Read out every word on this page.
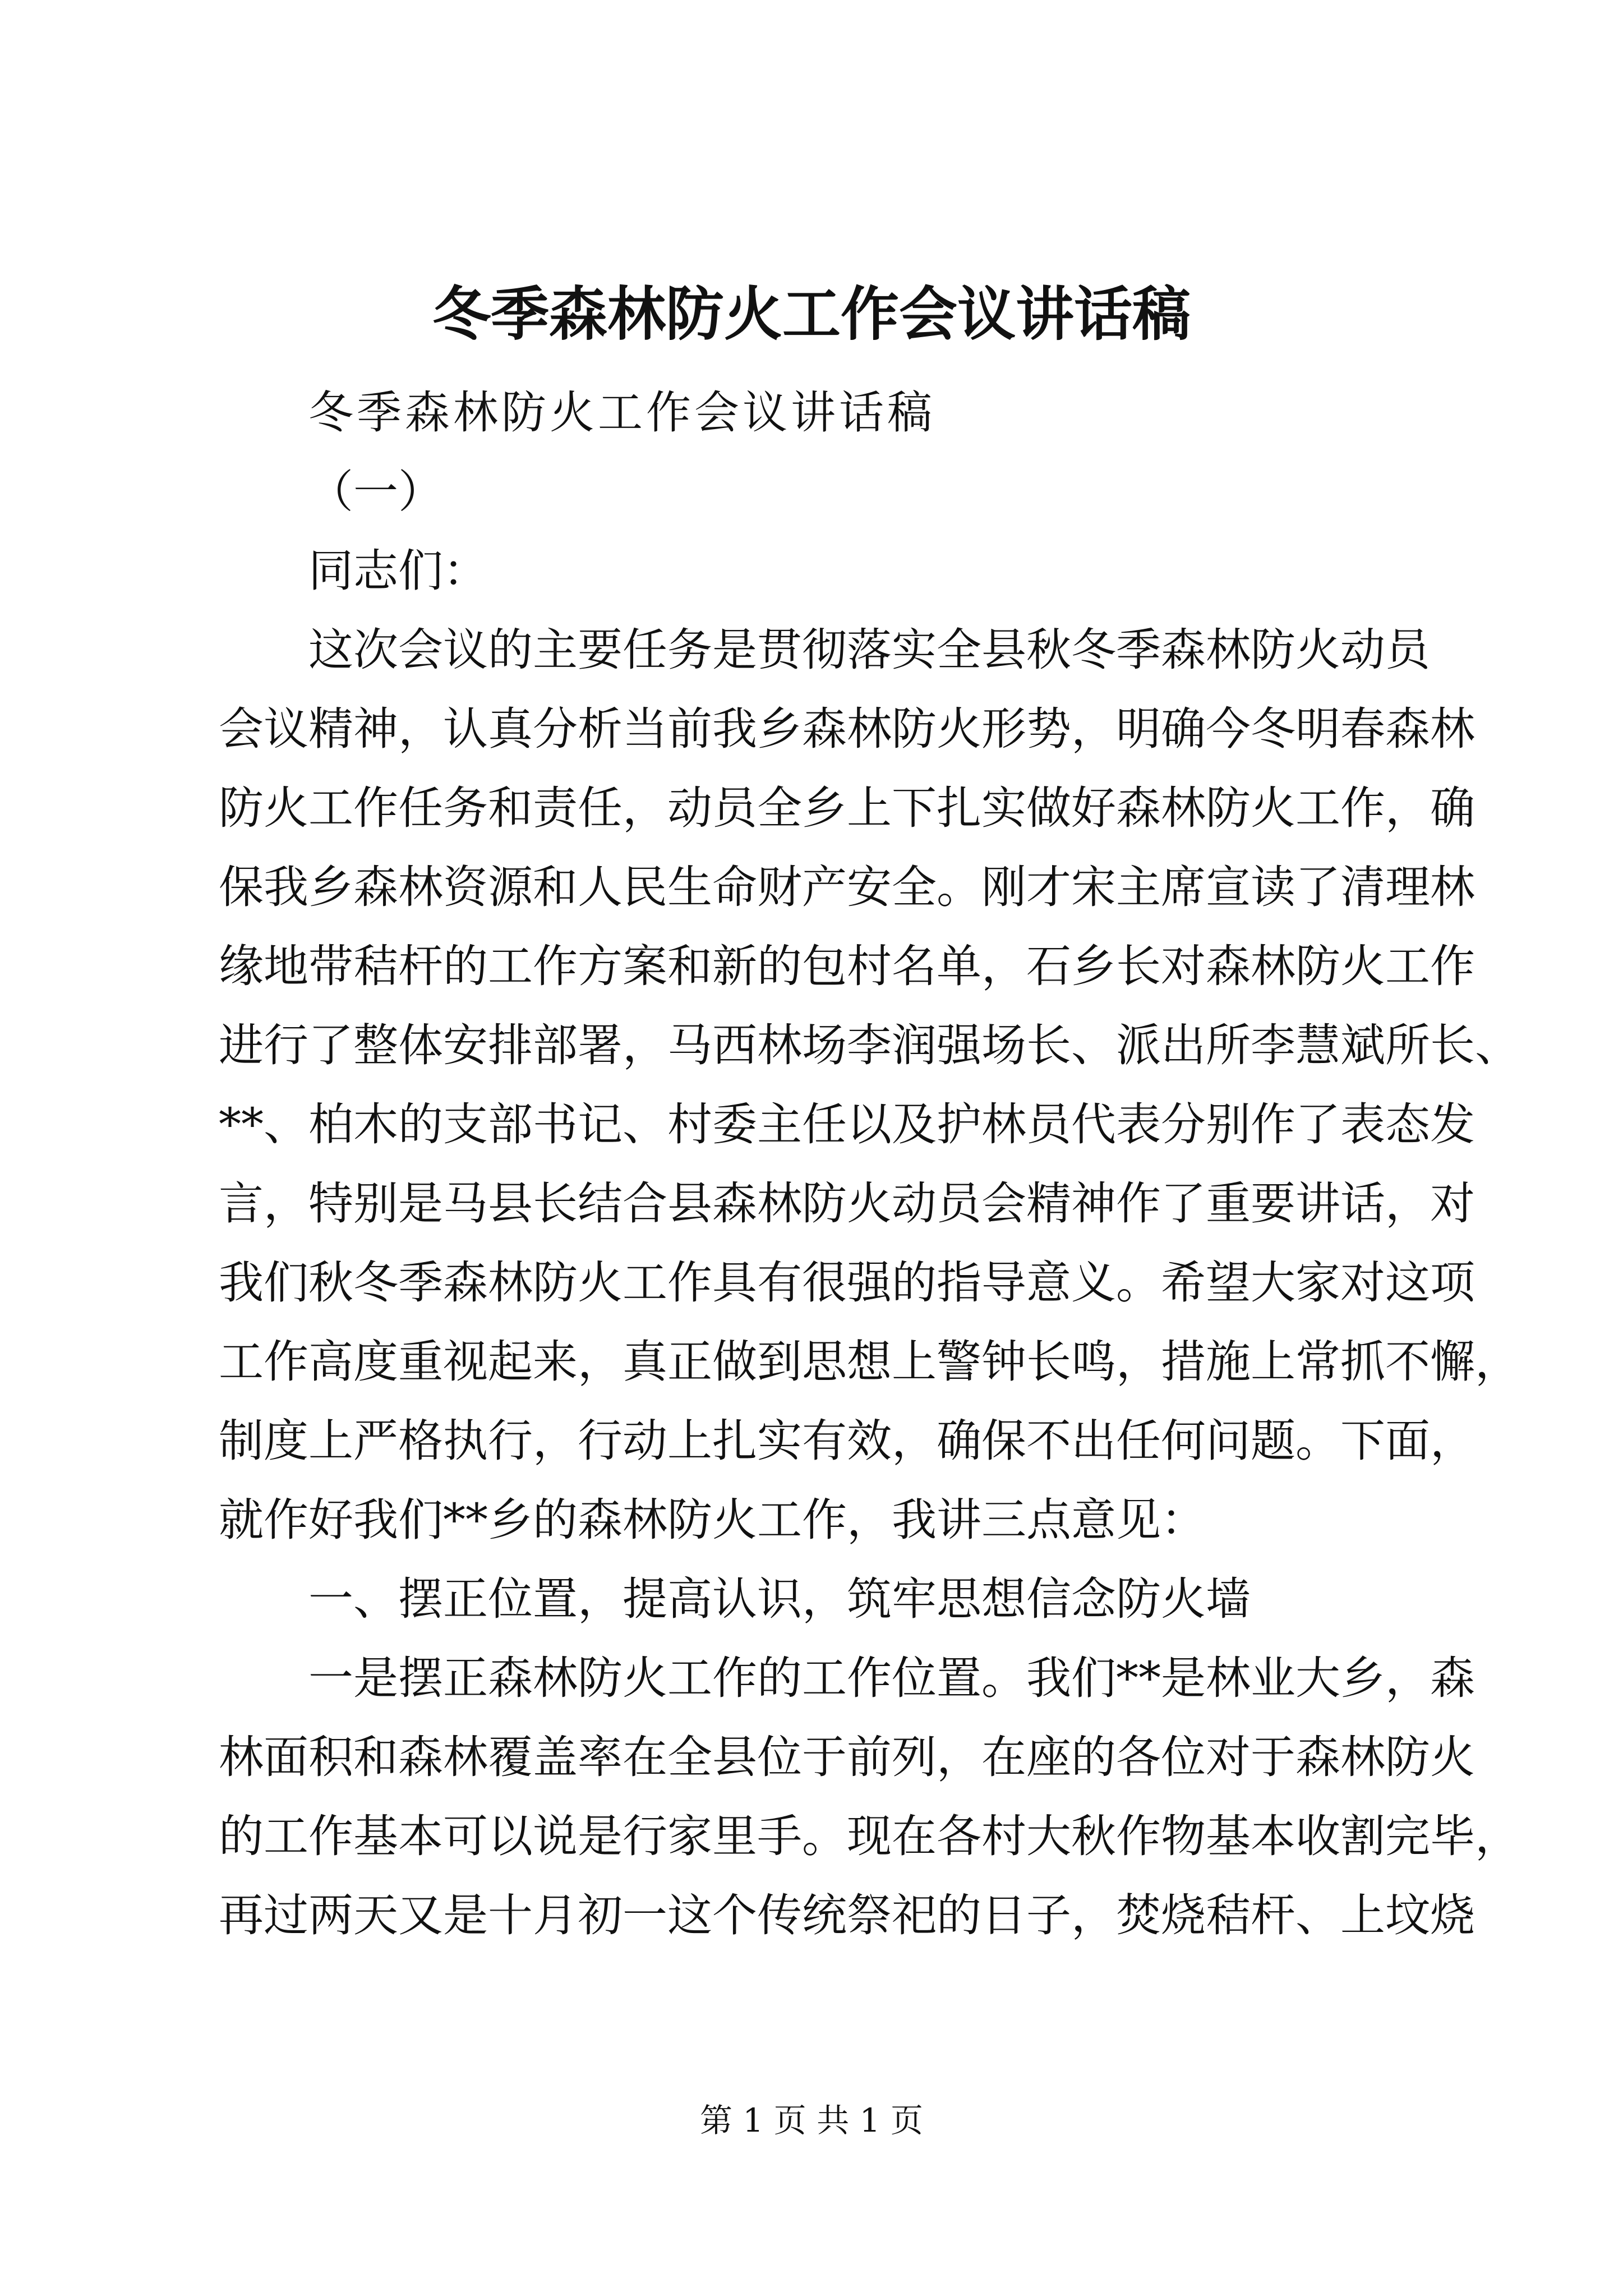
冬季森林防火工作会议讲话稿

冬季森林防火工作会议讲话稿

（一）

同志们：

这次会议的主要任务是贯彻落实全县秋冬季森林防火动员

会议精神，认真分析当前我乡森林防火形势，明确今冬明春森林

防火工作任务和责任，动员全乡上下扎实做好森林防火工作，确

保我乡森林资源和人民生命财产安全。刚才宋主席宣读了清理林

缘地带秸杆的工作方案和新的包村名单，石乡长对森林防火工作

进行了整体安排部署，马西林场李润强场长、派出所李慧斌所长、

**、柏木的支部书记、村委主任以及护林员代表分别作了表态发

言，特别是马县长结合县森林防火动员会精神作了重要讲话，对

我们秋冬季森林防火工作具有很强的指导意义。希望大家对这项

工作高度重视起来，真正做到思想上警钟长鸣，措施上常抓不懈，

制度上严格执行，行动上扎实有效，确保不出任何问题。下面，

就作好我们**乡的森林防火工作，我讲三点意见：

一、摆正位置，提高认识，筑牢思想信念防火墙

一是摆正森林防火工作的工作位置。我们**是林业大乡，森

林面积和森林覆盖率在全县位于前列，在座的各位对于森林防火

的工作基本可以说是行家里手。现在各村大秋作物基本收割完毕，

再过两天又是十月初一这个传统祭祀的日子，焚烧秸杆、上坟烧

第 1 页 共 1 页
